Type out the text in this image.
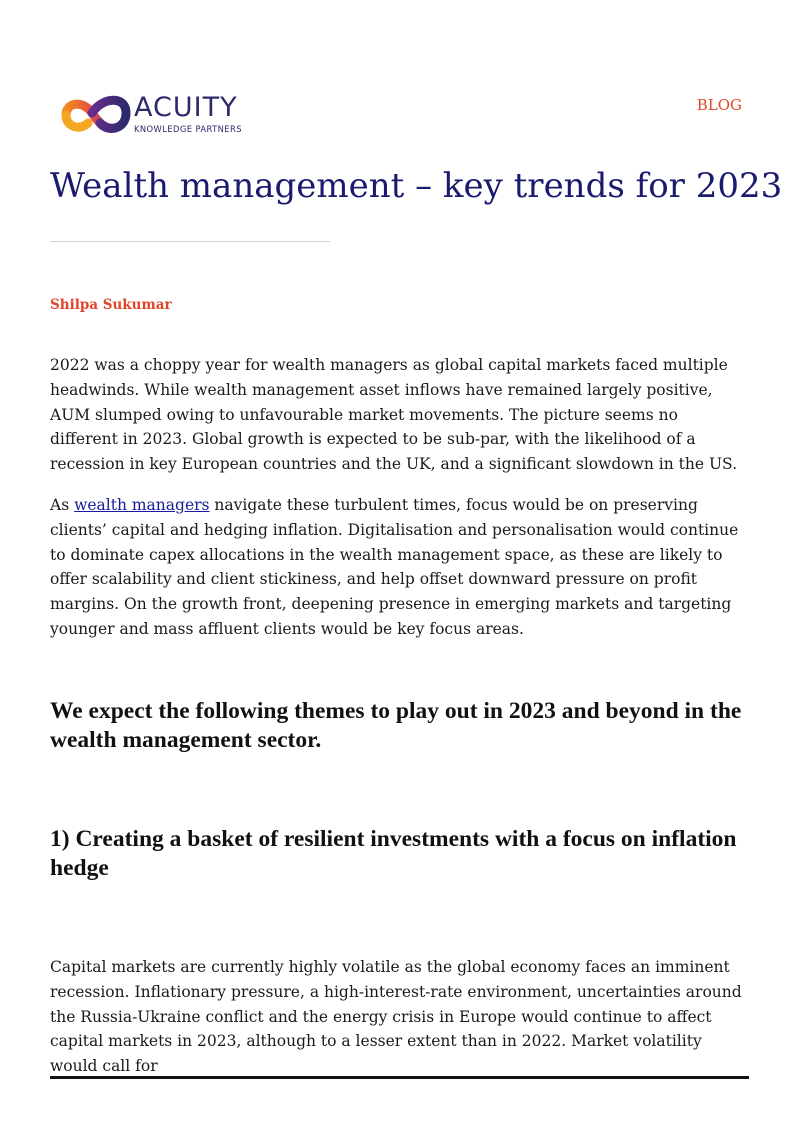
ACUITY
KNOWLEDGE PARTNERS
BLOG
Wealth management – key trends for 2023
Shilpa Sukumar

2022 was a choppy year for wealth managers as global capital markets faced multiple headwinds. While wealth management asset inflows have remained largely positive, AUM slumped owing to unfavourable market movements. The picture seems no different in 2023. Global growth is expected to be sub-par, with the likelihood of a recession in key European countries and the UK, and a significant slowdown in the US.

As wealth managers navigate these turbulent times, focus would be on preserving clients’ capital and hedging inflation. Digitalisation and personalisation would continue to dominate capex allocations in the wealth management space, as these are likely to offer scalability and client stickiness, and help offset downward pressure on profit margins. On the growth front, deepening presence in emerging markets and targeting younger and mass affluent clients would be key focus areas.

We expect the following themes to play out in 2023 and beyond in the wealth management sector.
1) Creating a basket of resilient investments with a focus on inflation hedge

Capital markets are currently highly volatile as the global economy faces an imminent recession. Inflationary pressure, a high-interest-rate environment, uncertainties around the Russia-Ukraine conflict and the energy crisis in Europe would continue to affect capital markets in 2023, although to a lesser extent than in 2022. Market volatility would call for
